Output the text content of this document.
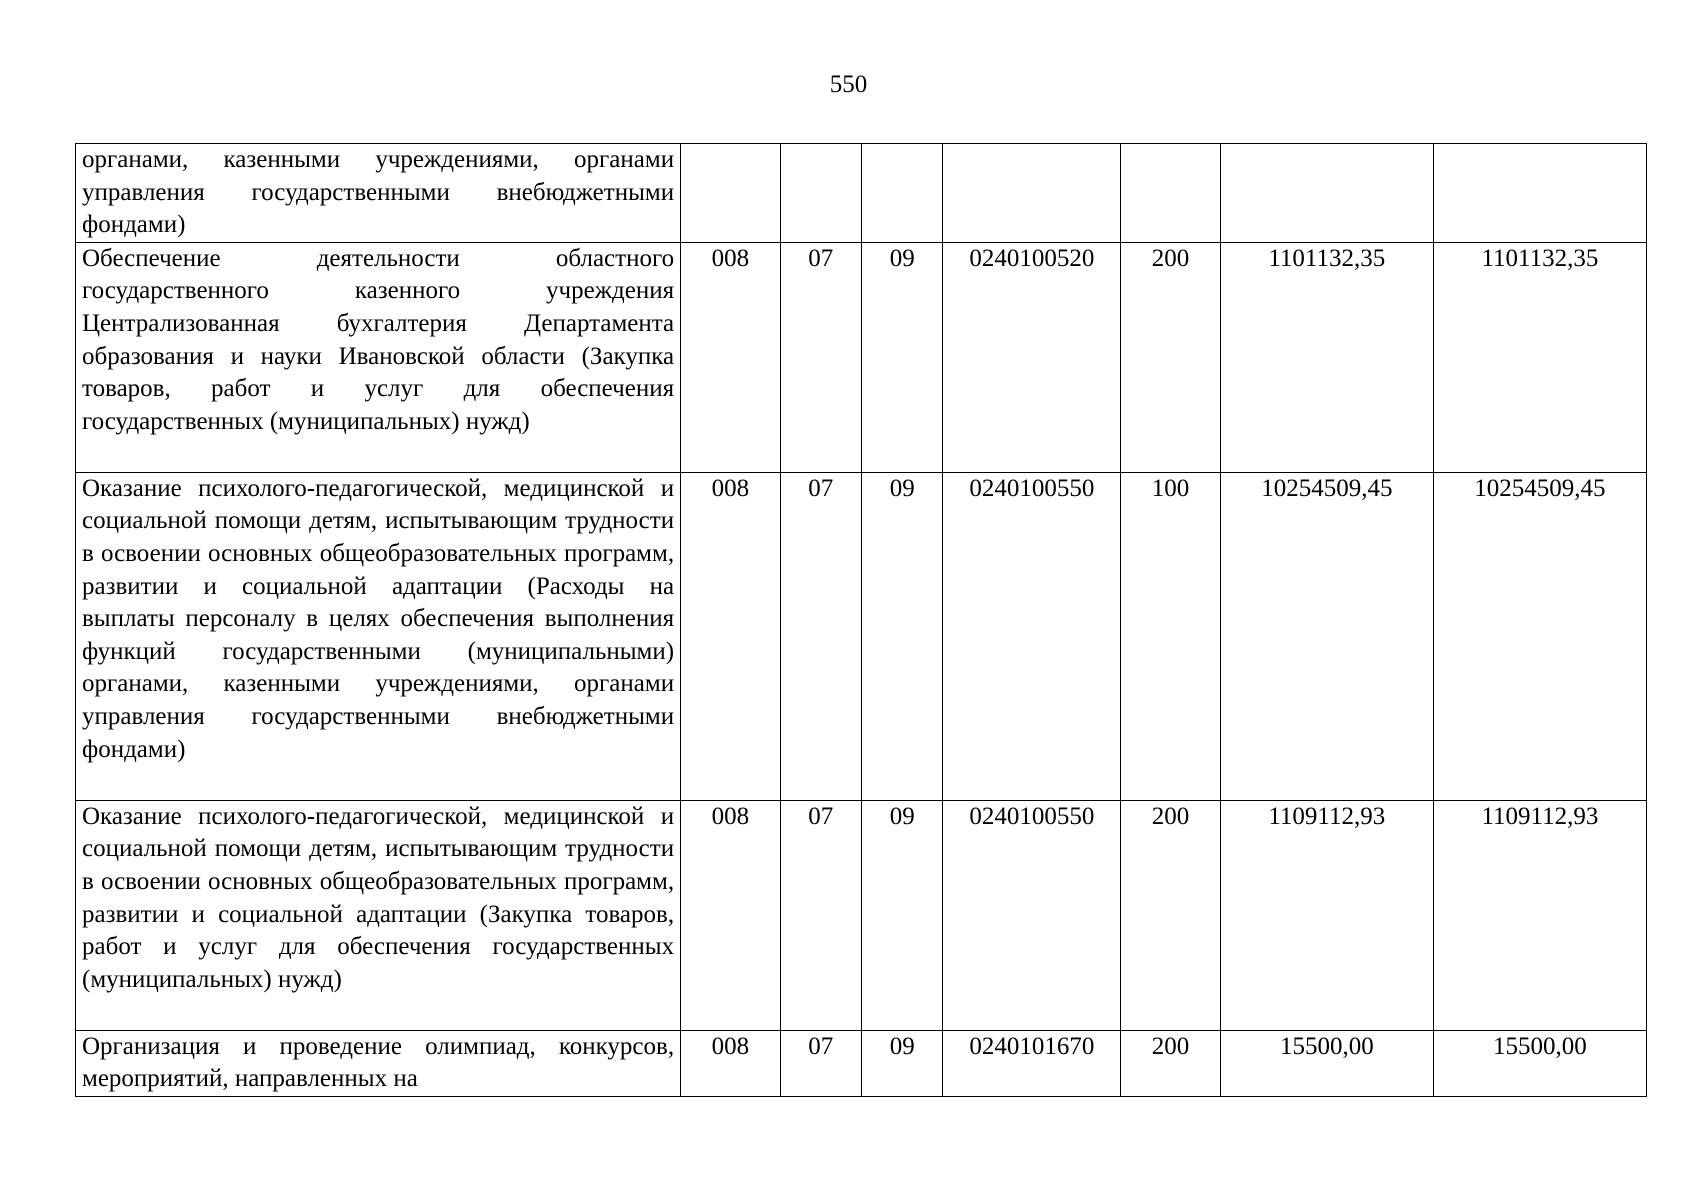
550
органами, казенными учреждениями, органами управления государственными внебюджетными фондами)							
Обеспечение деятельности областного государственного казенного учреждения Централизованная бухгалтерия Департамента образования и науки Ивановской области (Закупка товаров, работ и услуг для обеспечения государственных (муниципальных) нужд)	008	07	09	0240100520	200	1101132,35	1101132,35
Оказание психолого-педагогической, медицинской и социальной помощи детям, испытывающим трудности в освоении основных общеобразовательных программ, развитии и социальной адаптации (Расходы на выплаты персоналу в целях обеспечения выполнения функций государственными (муниципальными) органами, казенными учреждениями, органами управления государственными внебюджетными фондами)	008	07	09	0240100550	100	10254509,45	10254509,45
Оказание психолого-педагогической, медицинской и социальной помощи детям, испытывающим трудности в освоении основных общеобразовательных программ, развитии и социальной адаптации (Закупка товаров, работ и услуг для обеспечения государственных (муниципальных) нужд)	008	07	09	0240100550	200	1109112,93	1109112,93
Организация и проведение олимпиад, конкурсов, мероприятий, направленных на	008	07	09	0240101670	200	15500,00	15500,00
